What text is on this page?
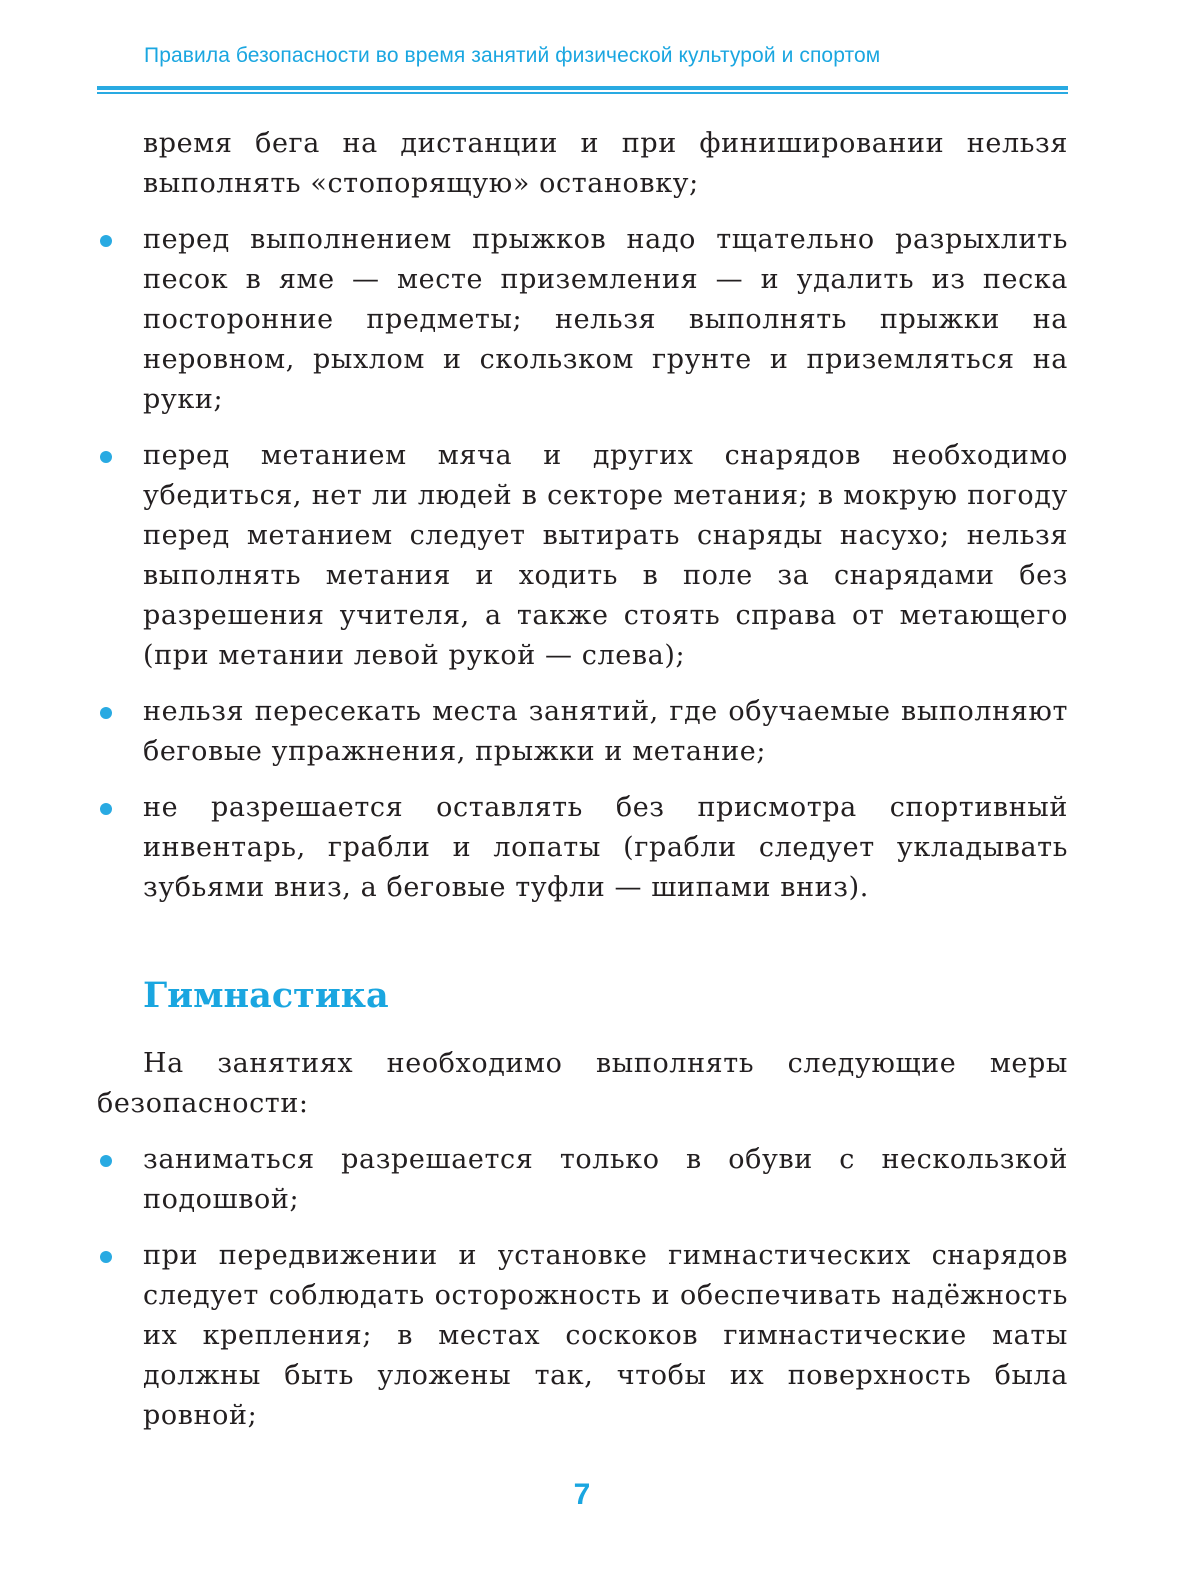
Правила безопасности во время занятий физической культурой и спортом
время бега на дистанции и при финишировании нельзя выполнять «стопорящую» остановку;
перед выполнением прыжков надо тщательно разрыхлить песок в яме — месте приземления — и удалить из песка посторонние предметы; нельзя выполнять прыжки на неровном, рыхлом и скользком грунте и приземляться на руки;
перед метанием мяча и других снарядов необходимо убедиться, нет ли людей в секторе метания; в мокрую погоду перед метанием следует вытирать снаряды насухо; нельзя выполнять метания и ходить в поле за снарядами без разрешения учителя, а также стоять справа от метающего (при метании левой рукой — слева);
нельзя пересекать места занятий, где обучаемые выполняют беговые упражнения, прыжки и метание;
не разрешается оставлять без присмотра спортивный инвентарь, грабли и лопаты (грабли следует укладывать зубьями вниз, а беговые туфли — шипами вниз).
Гимнастика
На занятиях необходимо выполнять следующие меры безопасности:
заниматься разрешается только в обуви с нескользкой подошвой;
при передвижении и установке гимнастических снарядов следует соблюдать осторожность и обеспечивать надёжность их крепления; в местах соскоков гимнастические маты должны быть уложены так, чтобы их поверхность была ровной;
7
